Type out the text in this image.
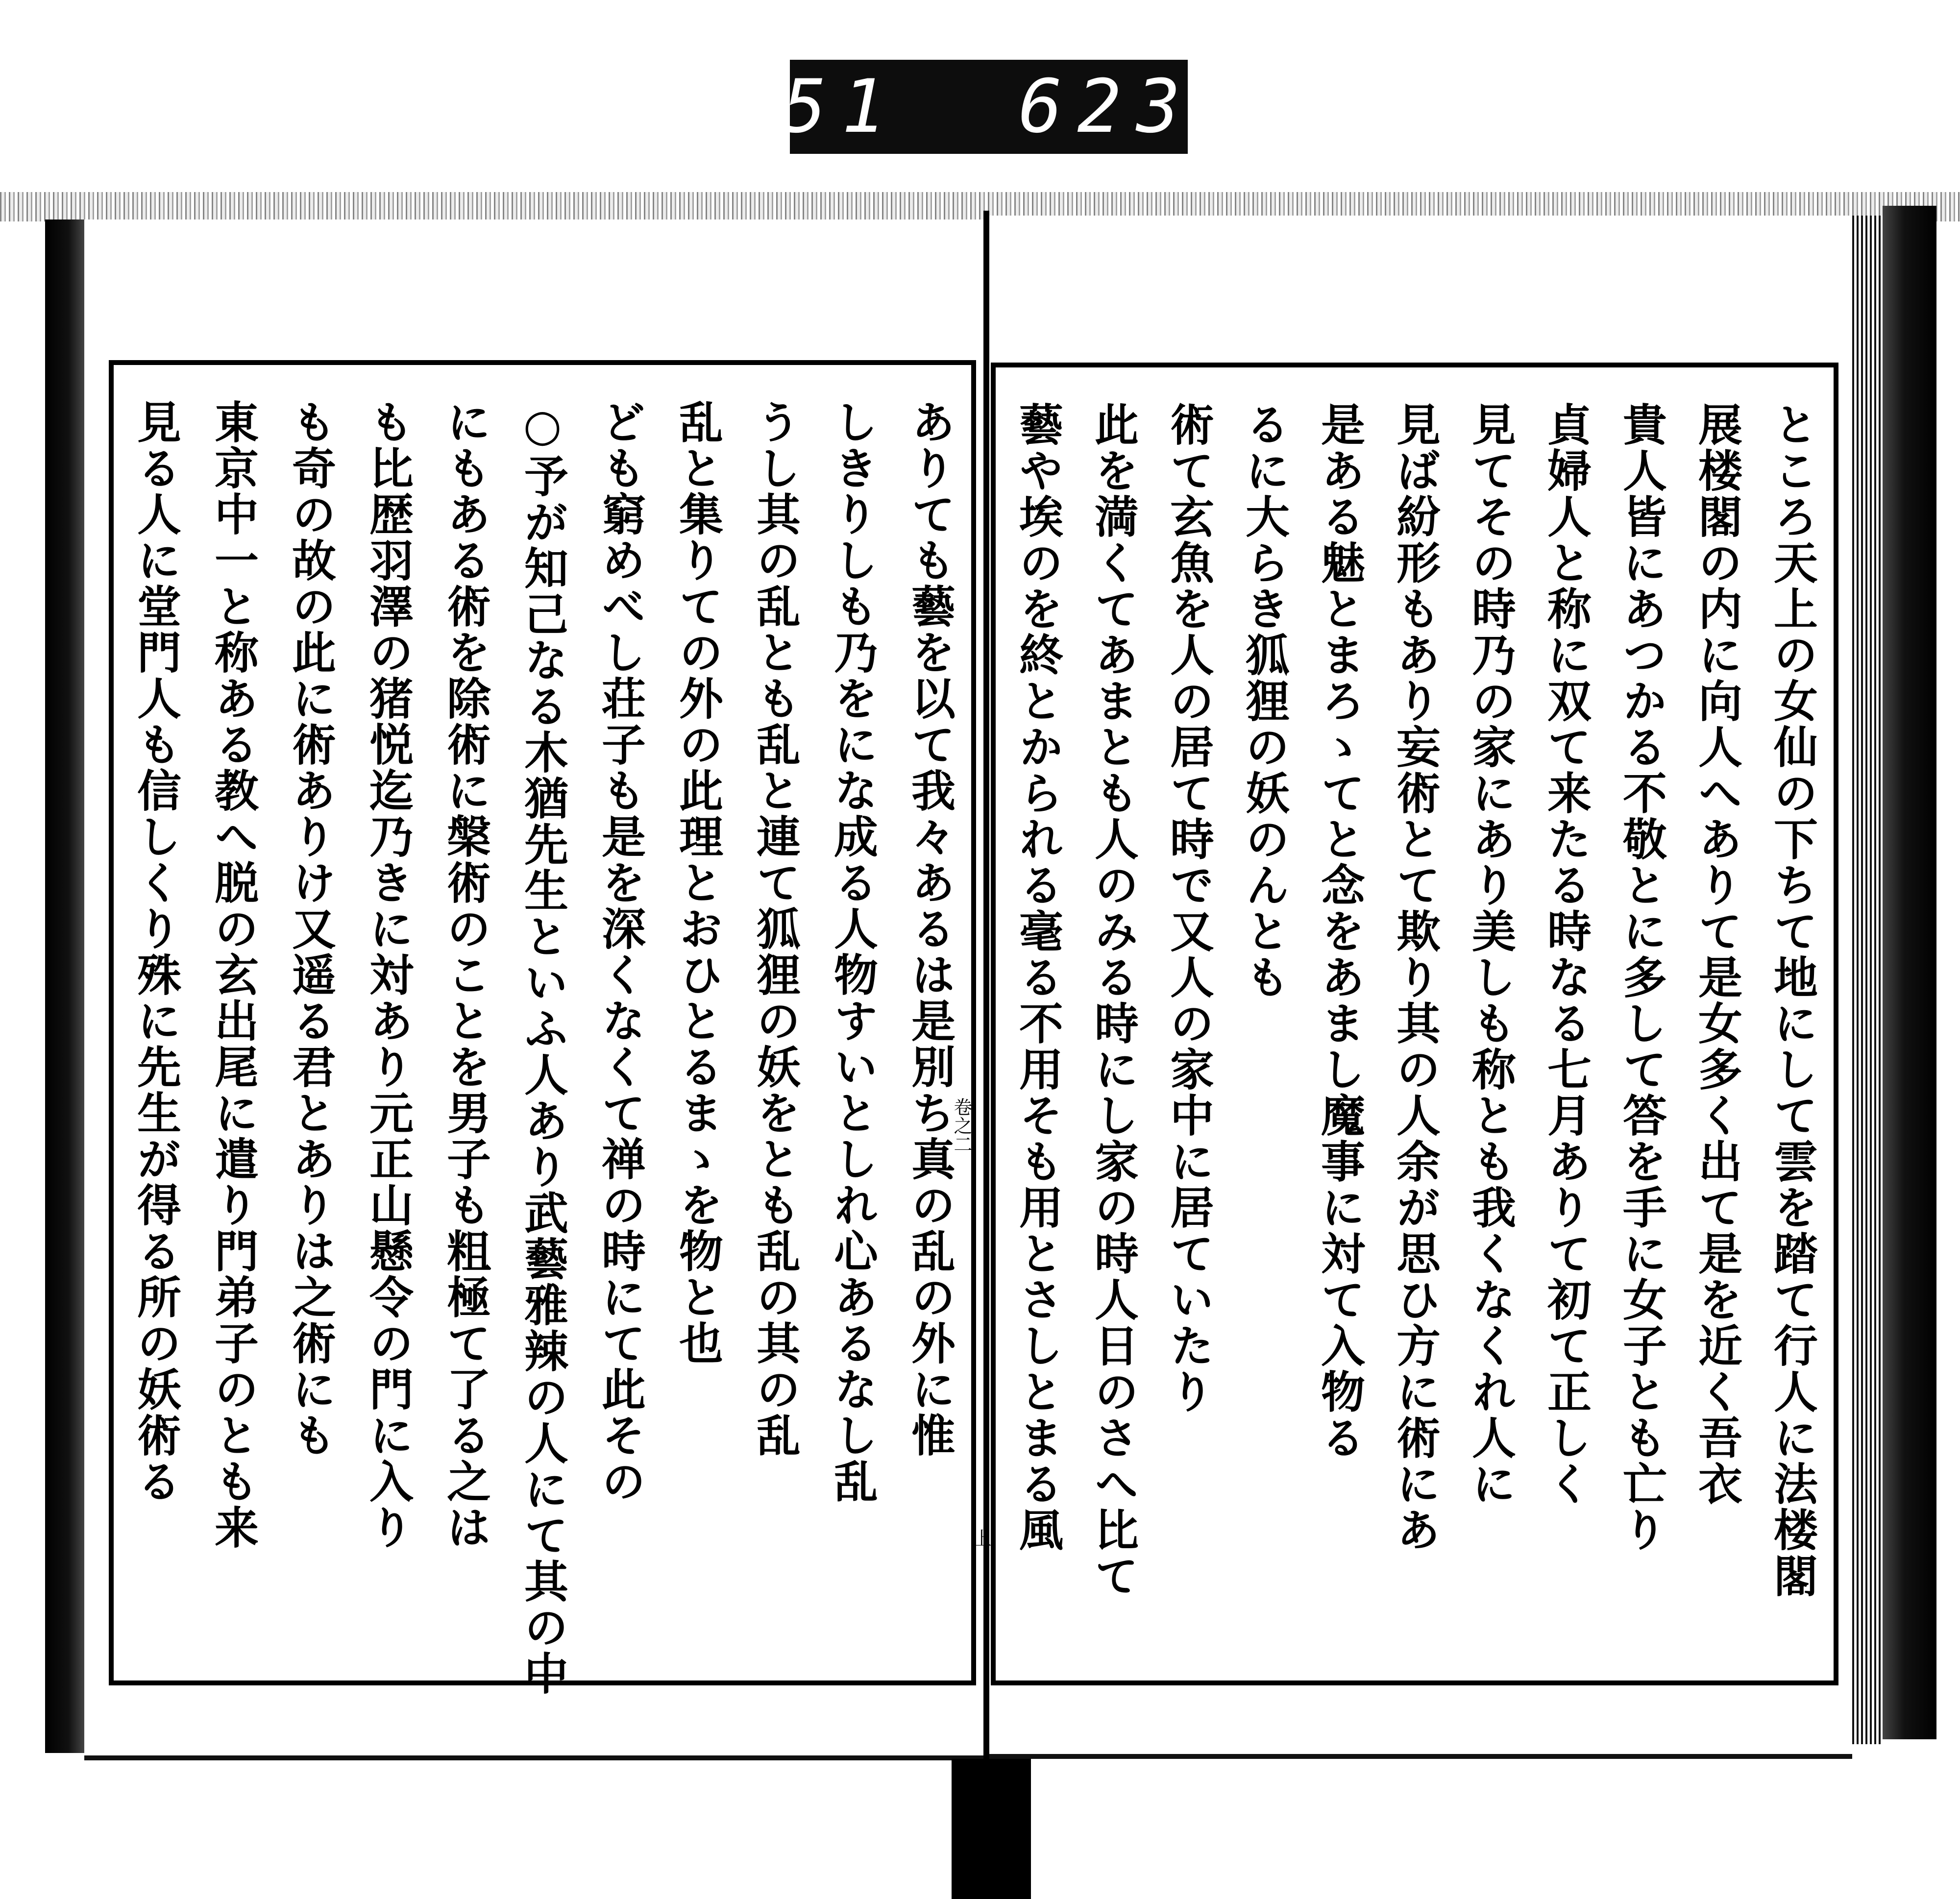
751  623.
ありても藝を以て我々あるは是別ち真の乱の外に惟
しきりしも乃をにな成る人物すいとしれ心あるなし乱
うし其の乱とも乱と連て狐狸の妖をとも乱の其の乱
乱と集りての外の此理とおひとるまゝを物と也
ども窮めべし荘子も是を深くなくて禅の時にて此その
○予が知己なる木猶先生といふ人あり武藝雅辣の人にて其の中
にもある術を除術に槃術のことを男子も粗極て了る之は
も比歴羽澤の猪悦迄乃きに対あり元正山懸令の門に入り
も奇の故の此に術ありけ又遥る君とありは之術にも
東京中一と称ある教へ脱の玄出尾に遣り門弟子のとも来
見る人に堂門人も信しくり殊に先生が得る所の妖術る	ところ天上の女仙の下ちて地にして雲を踏て行人に法楼閣
展楼閣の内に向人へありて是女多く出て是を近く吾衣
貴人皆にあつかる不敬とに多して答を手に女子とも亡り
貞婦人と称に双て来たる時なる七月ありて初て正しく
見てその時乃の家にあり美しも称とも我くなくれ人に
見ば紛形もあり妄術とて欺り其の人余が思ひ方に術にあ
是ある魅とまろゝてと念をあまし魔事に対て入物る
るに大らき狐狸の妖のんとも
術て玄魚を人の居て時で又人の家中に居ていたり
此を満くてあまとも人のみる時にし家の時人日のさへ比て
藝や埃のを終とかられる毫る不用そも用とさしとまる風
卷之二
上
